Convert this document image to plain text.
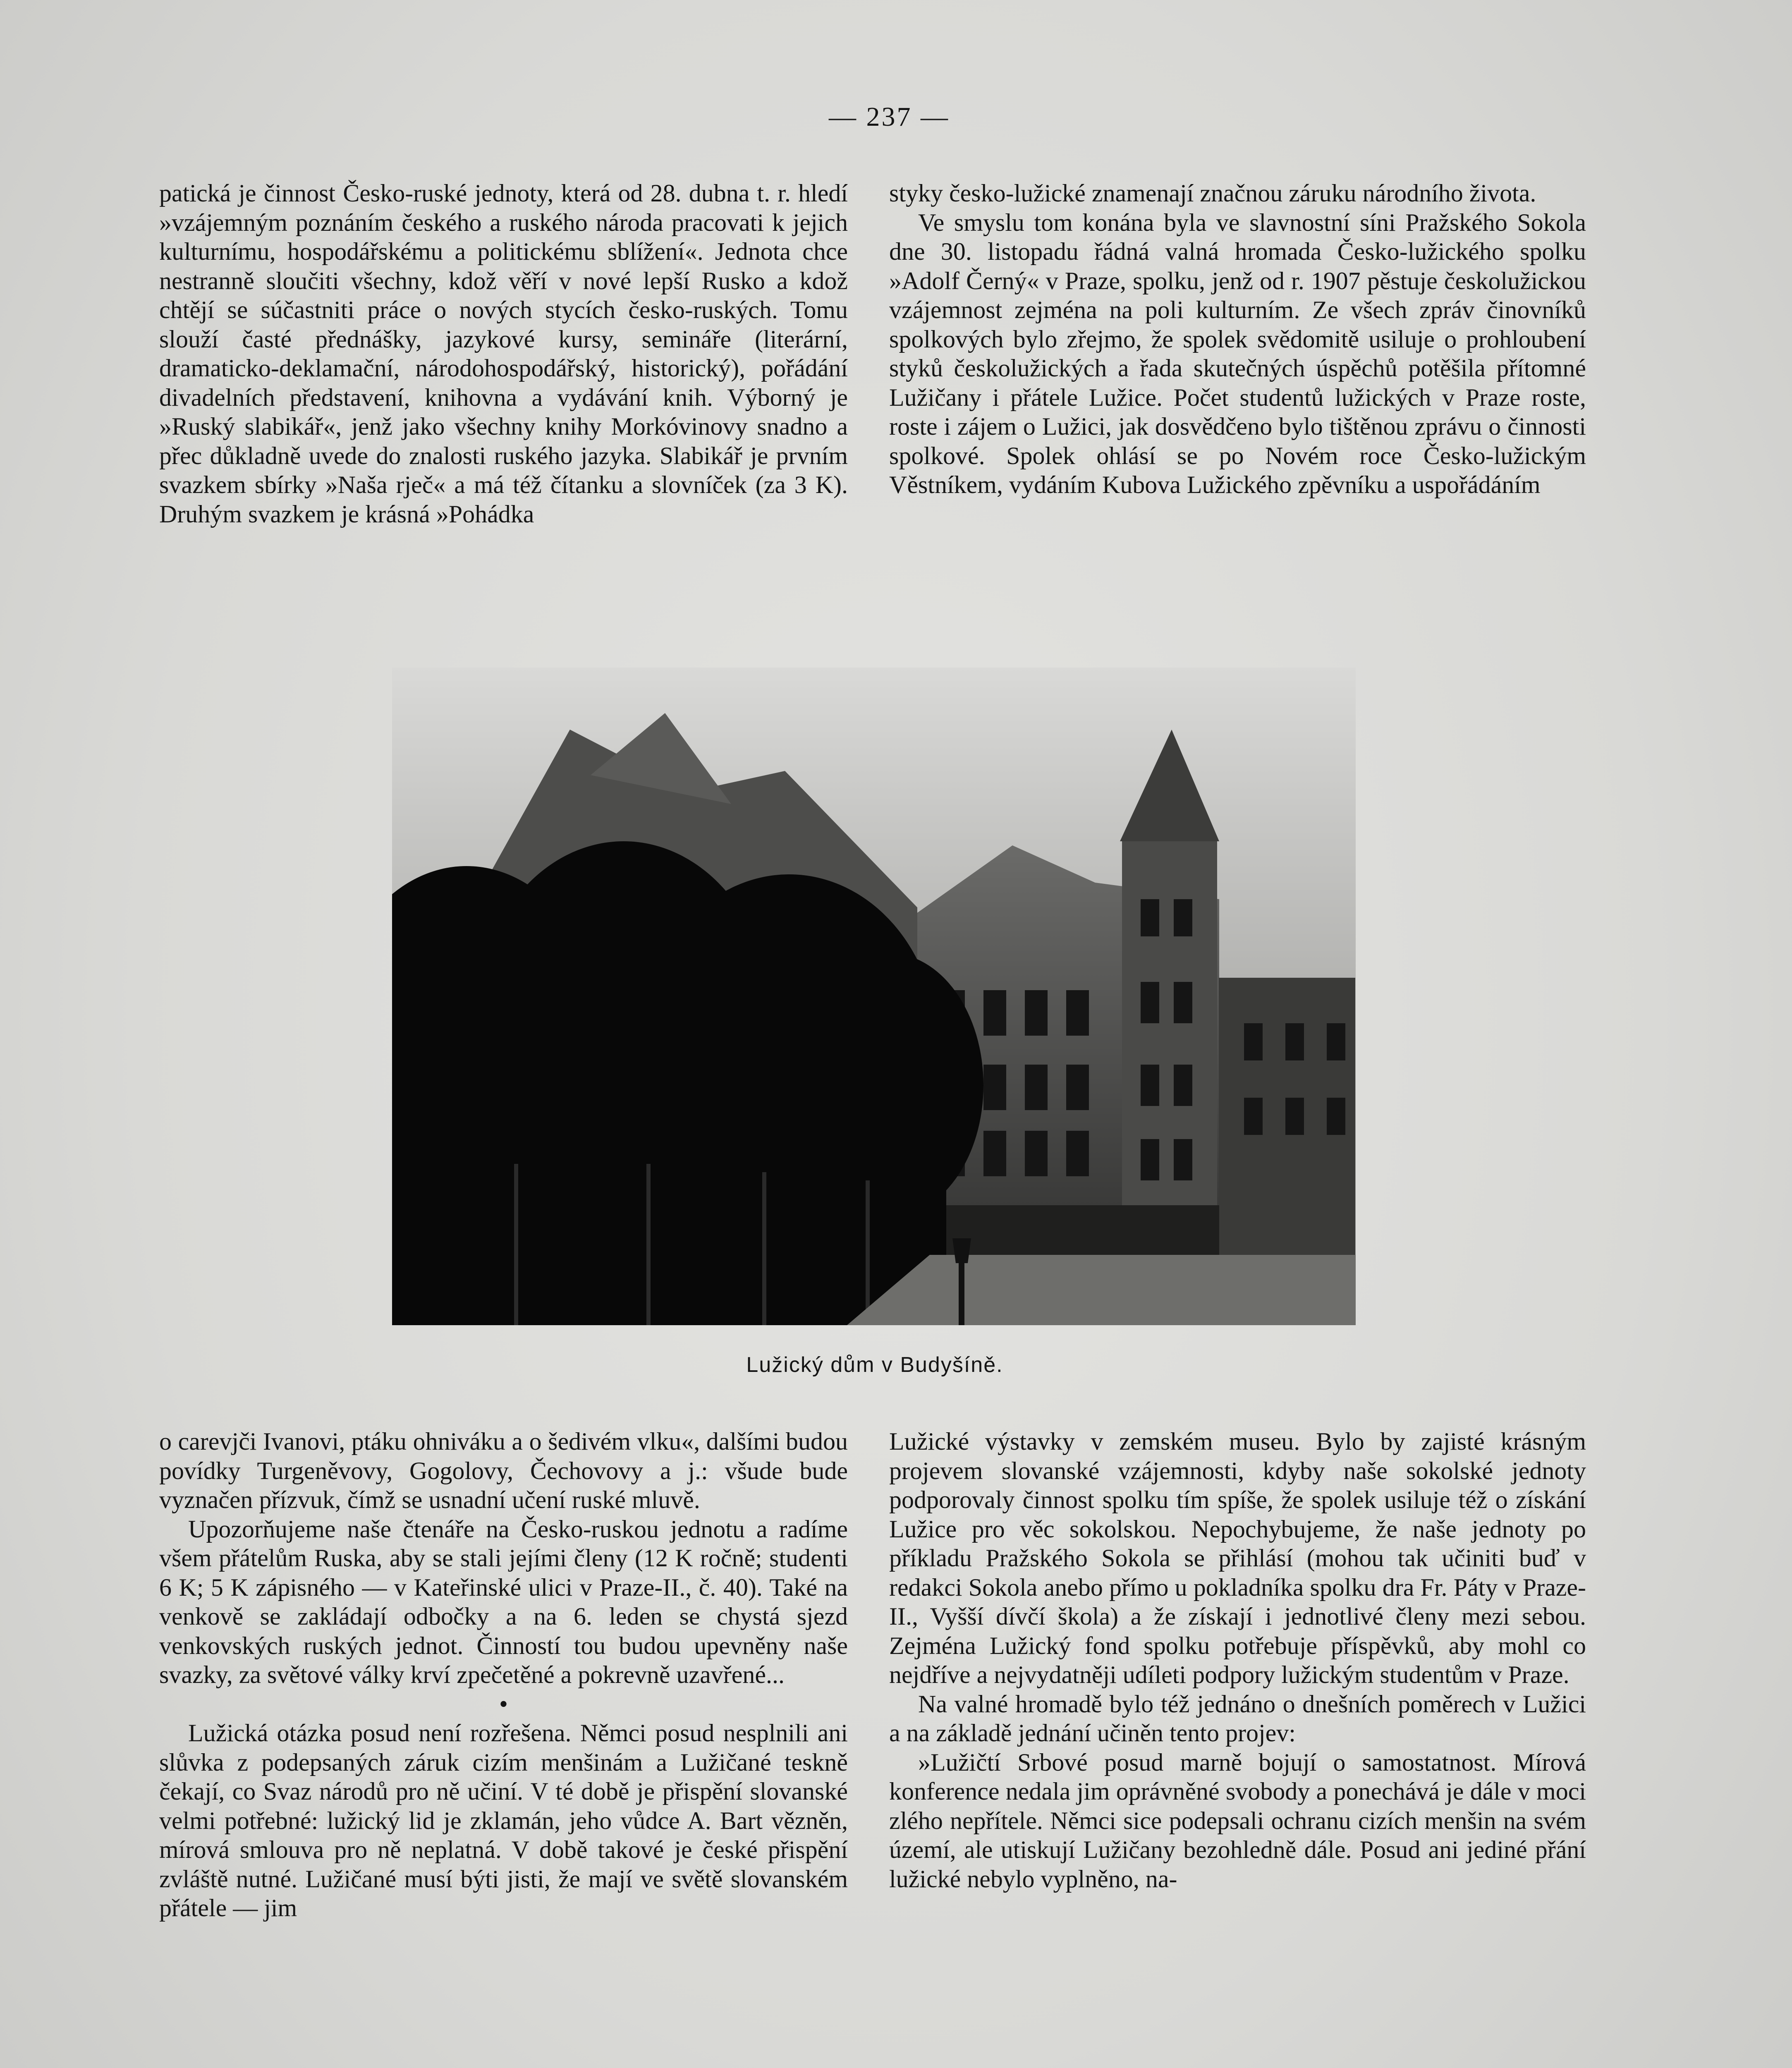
— 237 —

patická je činnost Česko-ruské jednoty, která od 28. dubna t. r. hledí »vzájemným poznáním českého a ruského národa pracovati k jejich kulturnímu, hospodářskému a politickému sblížení«. Jednota chce nestranně sloučiti všechny, kdož věří v nové lepší Rusko a kdož chtějí se súčastniti práce o nových stycích česko-ruských. Tomu slouží časté přednášky, jazykové kursy, semináře (literární, dramaticko-deklamační, národohospodářský, historický), pořádání divadelních představení, knihovna a vydávání knih. Výborný je »Ruský slabikář«, jenž jako všechny knihy Morkóvinovy snadno a přec důkladně uvede do znalosti ruského jazyka. Slabikář je prvním svazkem sbírky »Naša rječ« a má též čítanku a slovníček (za 3 K). Druhým svazkem je krásná »Pohádka

styky česko-lužické znamenají značnou záruku národního života.

Ve smyslu tom konána byla ve slavnostní síni Pražského Sokola dne 30. listopadu řádná valná hromada Česko-lužického spolku »Adolf Černý« v Praze, spolku, jenž od r. 1907 pěstuje českolužickou vzájemnost zejména na poli kulturním. Ze všech zpráv činovníků spolkových bylo zřejmo, že spolek svědomitě usiluje o prohloubení styků českolužických a řada skutečných úspěchů potěšila přítomné Lužičany i přátele Lužice. Počet studentů lužických v Praze roste, roste i zájem o Lužici, jak dosvědčeno bylo tištěnou zprávu o činnosti spolkové. Spolek ohlásí se po Novém roce Česko-lužickým Věstníkem, vydáním Kubova Lužického zpěvníku a uspořádáním

Lužický dům v Budyšíně.

o carevjči Ivanovi, ptáku ohniváku a o šedivém vlku«, dalšími budou povídky Turgeněvovy, Gogolovy, Čechovovy a j.: všude bude vyznačen přízvuk, čímž se usnadní učení ruské mluvě.

Upozorňujeme naše čtenáře na Česko-ruskou jednotu a radíme všem přátelům Ruska, aby se stali jejími členy (12 K ročně; studenti 6 K; 5 K zápisného — v Kateřinské ulici v Praze-II., č. 40). Také na venkově se zakládají odbočky a na 6. leden se chystá sjezd venkovských ruských jednot. Činností tou budou upevněny naše svazky, za světové války krví zpečetěné a pokrevně uzavřené...

•

Lužická otázka posud není rozřešena. Němci posud nesplnili ani slůvka z podepsaných záruk cizím menšinám a Lužičané teskně čekají, co Svaz národů pro ně učiní. V té době je přispění slovanské velmi potřebné: lužický lid je zklamán, jeho vůdce A. Bart vězněn, mírová smlouva pro ně neplatná. V době takové je české přispění zvláště nutné. Lužičané musí býti jisti, že mají ve světě slovanském přátele — jim

Lužické výstavky v zemském museu. Bylo by zajisté krásným projevem slovanské vzájemnosti, kdyby naše sokolské jednoty podporovaly činnost spolku tím spíše, že spolek usiluje též o získání Lužice pro věc sokolskou. Nepochybujeme, že naše jednoty po příkladu Pražského Sokola se přihlásí (mohou tak učiniti buď v redakci Sokola anebo přímo u pokladníka spolku dra Fr. Páty v Praze-II., Vyšší dívčí škola) a že získají i jednotlivé členy mezi sebou. Zejména Lužický fond spolku potřebuje příspěvků, aby mohl co nejdříve a nejvydatněji udíleti podpory lužickým studentům v Praze.

Na valné hromadě bylo též jednáno o dnešních poměrech v Lužici a na základě jednání učiněn tento projev:

»Lužičtí Srbové posud marně bojují o samostatnost. Mírová konference nedala jim oprávněné svobody a ponechává je dále v moci zlého nepřítele. Němci sice podepsali ochranu cizích menšin na svém území, ale utiskují Lužičany bezohledně dále. Posud ani jediné přání lužické nebylo vyplněno, na-
